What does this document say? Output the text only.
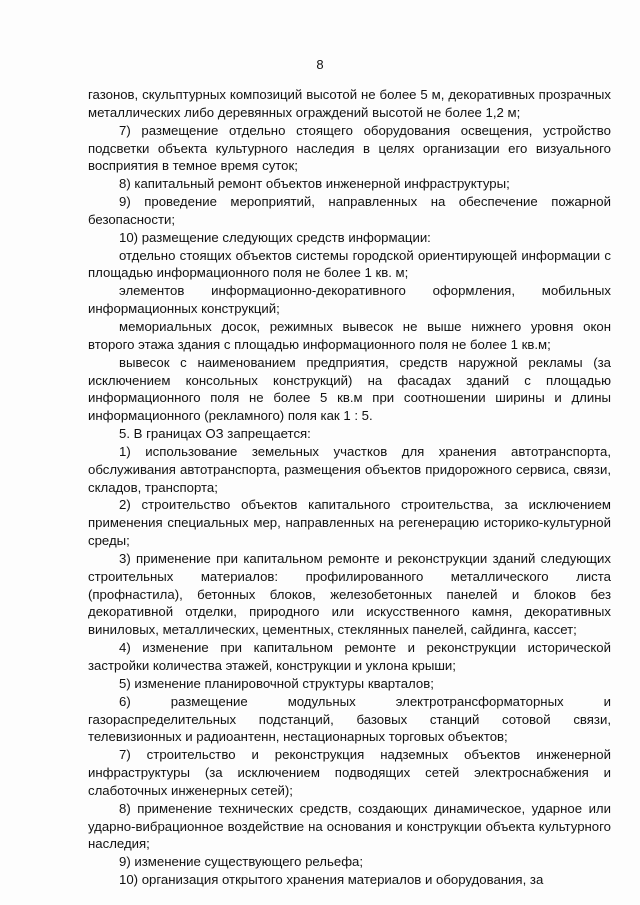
8

газонов, скульптурных композиций высотой не более 5 м, декоративных прозрачных металлических либо деревянных ограждений высотой не более 1,2 м;

7) размещение отдельно стоящего оборудования освещения, устройство подсветки объекта культурного наследия в целях организации его визуального восприятия в темное время суток;

8) капитальный ремонт объектов инженерной инфраструктуры;

9) проведение мероприятий, направленных на обеспечение пожарной безопасности;

10) размещение следующих средств информации:

отдельно стоящих объектов системы городской ориентирующей информации с площадью информационного поля не более 1 кв. м;

элементов информационно-декоративного оформления, мобильных информационных конструкций;

мемориальных досок, режимных вывесок не выше нижнего уровня окон второго этажа здания с площадью информационного поля не более 1 кв.м;

вывесок с наименованием предприятия, средств наружной рекламы (за исключением консольных конструкций) на фасадах зданий с площадью информационного поля не более 5 кв.м при соотношении ширины и длины информационного (рекламного) поля как 1 : 5.

5. В границах ОЗ запрещается:

1) использование земельных участков для хранения автотранспорта, обслуживания автотранспорта, размещения объектов придорожного сервиса, связи, складов, транспорта;

2) строительство объектов капитального строительства, за исключением применения специальных мер, направленных на регенерацию историко-культурной среды;

3) применение при капитальном ремонте и реконструкции зданий следующих строительных материалов: профилированного металлического листа (профнастила), бетонных блоков, железобетонных панелей и блоков без декоративной отделки, природного или искусственного камня, декоративных виниловых, металлических, цементных, стеклянных панелей, сайдинга, кассет;

4) изменение при капитальном ремонте и реконструкции исторической застройки количества этажей, конструкции и уклона крыши;

5) изменение планировочной структуры кварталов;

6) размещение модульных электротрансформаторных и газораспределительных подстанций, базовых станций сотовой связи, телевизионных и радиоантенн, нестационарных торговых объектов;

7) строительство и реконструкция надземных объектов инженерной инфраструктуры (за исключением подводящих сетей электроснабжения и слаботочных инженерных сетей);

8) применение технических средств, создающих динамическое, ударное или ударно-вибрационное воздействие на основания и конструкции объекта культурного наследия;

9) изменение существующего рельефа;

10) организация открытого хранения материалов и оборудования, за
